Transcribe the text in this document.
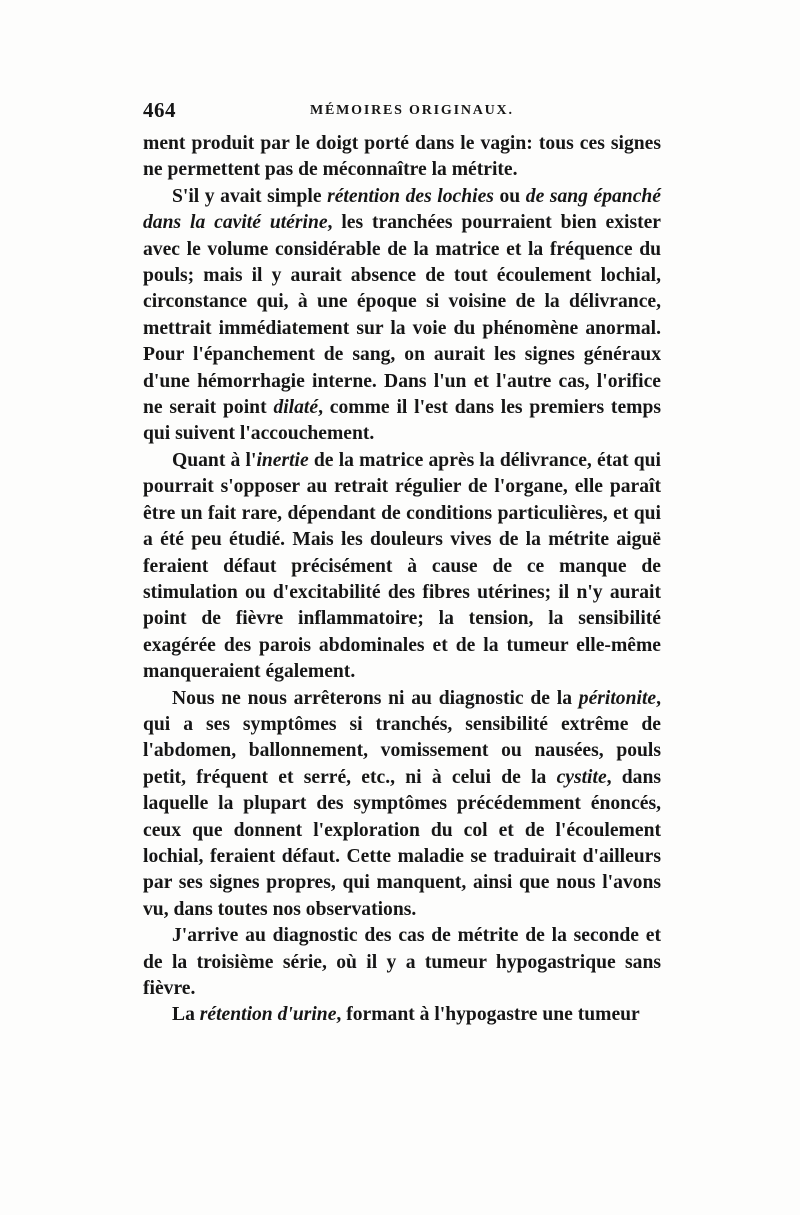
464	MÉMOIRES ORIGINAUX.

ment produit par le doigt porté dans le vagin: tous ces signes ne permettent pas de méconnaître la métrite.

S'il y avait simple rétention des lochies ou de sang épanché dans la cavité utérine, les tranchées pourraient bien exister avec le volume considérable de la matrice et la fréquence du pouls; mais il y aurait absence de tout écoulement lochial, circonstance qui, à une époque si voisine de la délivrance, mettrait immédiatement sur la voie du phénomène anormal. Pour l'épanchement de sang, on aurait les signes généraux d'une hémorrhagie interne. Dans l'un et l'autre cas, l'orifice ne serait point dilaté, comme il l'est dans les premiers temps qui suivent l'accouchement.

Quant à l'inertie de la matrice après la délivrance, état qui pourrait s'opposer au retrait régulier de l'organe, elle paraît être un fait rare, dépendant de conditions particulières, et qui a été peu étudié. Mais les douleurs vives de la métrite aiguë feraient défaut précisément à cause de ce manque de stimulation ou d'excitabilité des fibres utérines; il n'y aurait point de fièvre inflammatoire; la tension, la sensibilité exagérée des parois abdominales et de la tumeur elle-même manqueraient également.

Nous ne nous arrêterons ni au diagnostic de la péritonite, qui a ses symptômes si tranchés, sensibilité extrême de l'abdomen, ballonnement, vomissement ou nausées, pouls petit, fréquent et serré, etc., ni à celui de la cystite, dans laquelle la plupart des symptômes précédemment énoncés, ceux que donnent l'exploration du col et de l'écoulement lochial, feraient défaut. Cette maladie se traduirait d'ailleurs par ses signes propres, qui manquent, ainsi que nous l'avons vu, dans toutes nos observations.

J'arrive au diagnostic des cas de métrite de la seconde et de la troisième série, où il y a tumeur hypogastrique sans fièvre.

La rétention d'urine, formant à l'hypogastre une tumeur
